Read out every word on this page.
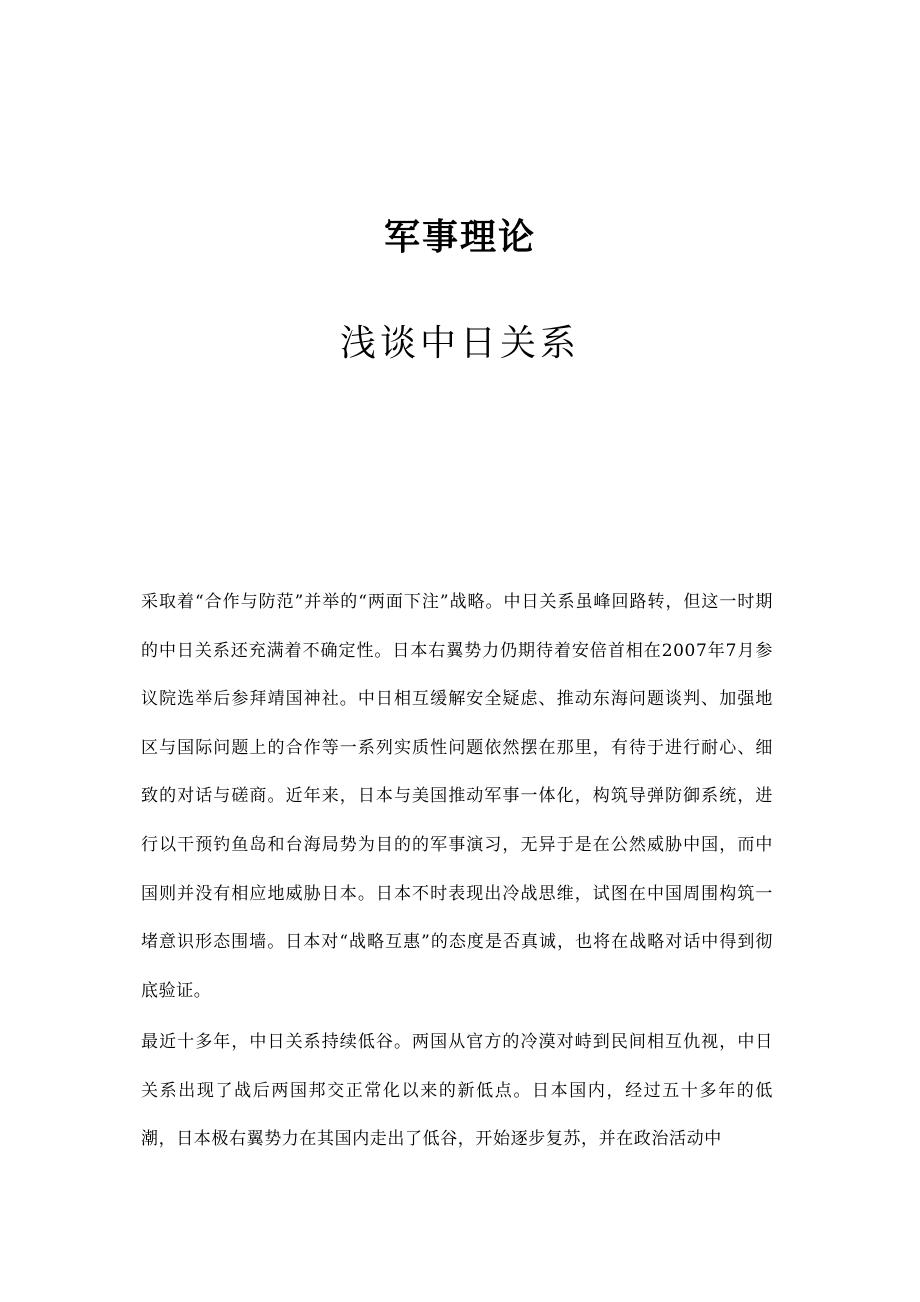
军事理论
浅谈中日关系

采取着“合作与防范”并举的“两面下注”战略。中日关系虽峰回路转，但这一时期的中日关系还充满着不确定性。日本右翼势力仍期待着安倍首相在2007年7月参议院选举后参拜靖国神社。中日相互缓解安全疑虑、推动东海问题谈判、加强地区与国际问题上的合作等一系列实质性问题依然摆在那里，有待于进行耐心、细致的对话与磋商。近年来，日本与美国推动军事一体化，构筑导弹防御系统，进行以干预钓鱼岛和台海局势为目的的军事演习，无异于是在公然威胁中国，而中国则并没有相应地威胁日本。日本不时表现出冷战思维，试图在中国周围构筑一堵意识形态围墙。日本对“战略互惠”的态度是否真诚，也将在战略对话中得到彻底验证。

最近十多年，中日关系持续低谷。两国从官方的冷漠对峙到民间相互仇视，中日关系出现了战后两国邦交正常化以来的新低点。日本国内，经过五十多年的低潮，日本极右翼势力在其国内走出了低谷，开始逐步复苏，并在政治活动中
